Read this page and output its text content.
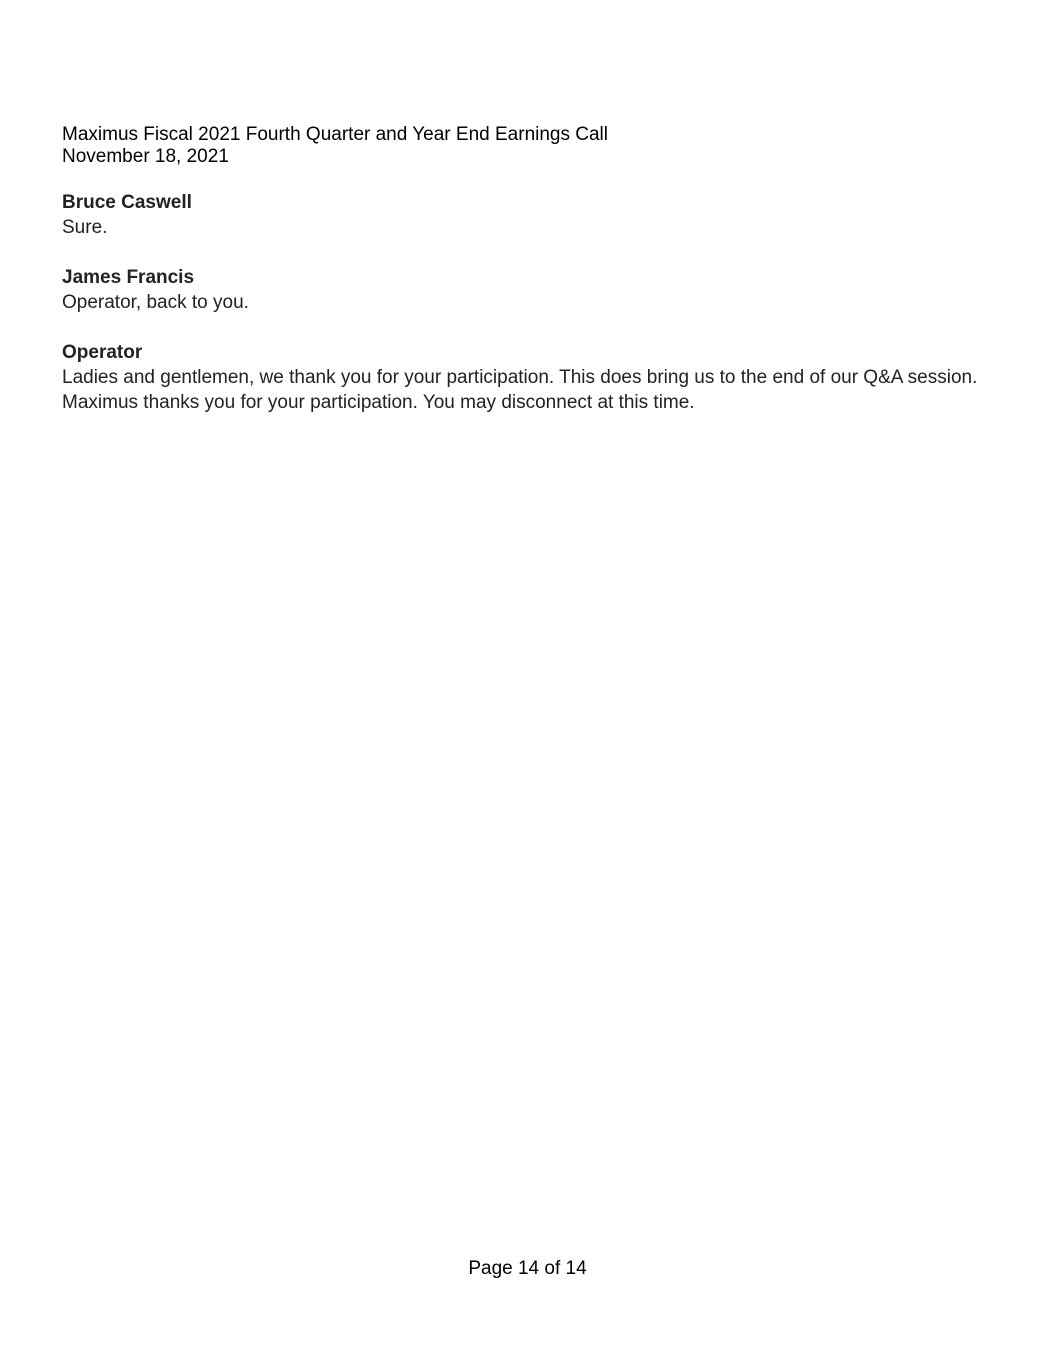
Maximus Fiscal 2021 Fourth Quarter and Year End Earnings Call
November 18, 2021
Bruce Caswell
Sure.
James Francis
Operator, back to you.
Operator
Ladies and gentlemen, we thank you for your participation. This does bring us to the end of our Q&A session.
Maximus thanks you for your participation. You may disconnect at this time.
Page 14 of 14
